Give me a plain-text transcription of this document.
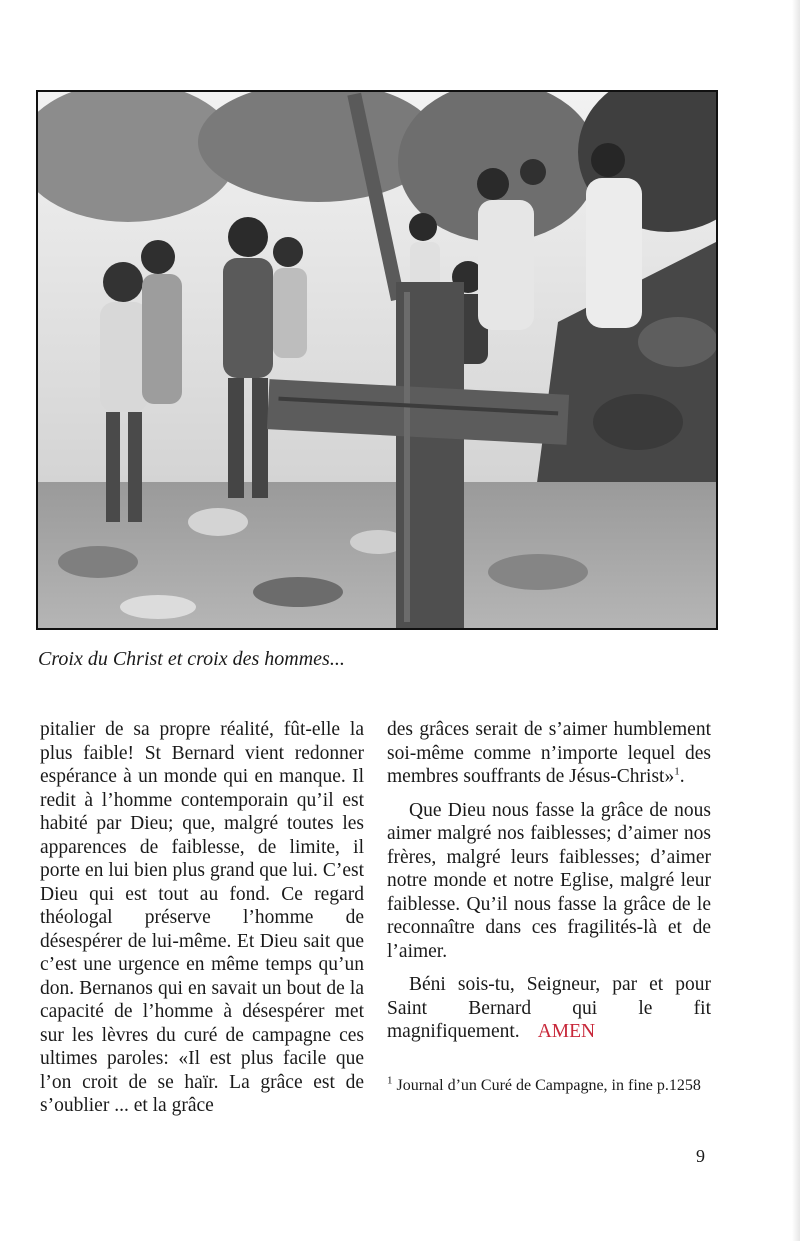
Croix du Christ et croix des hommes...

pitalier de sa propre réalité, fût-elle la plus faible! St Bernard vient redonner espérance à un monde qui en manque. Il redit à l’homme contemporain qu’il est habité par Dieu; que, malgré toutes les apparences de faiblesse, de limite, il porte en lui bien plus grand que lui. C’est Dieu qui est tout au fond. Ce regard théologal préserve l’homme de désespérer de lui-même. Et Dieu sait que c’est une urgence en même temps qu’un don. Bernanos qui en savait un bout de la capacité de l’homme à désespérer met sur les lèvres du curé de campagne ces ultimes paroles: «Il est plus facile que l’on croit de se haïr. La grâce est de s’oublier ... et la grâce

des grâces serait de s’aimer humblement soi-même comme n’importe lequel des membres souffrants de Jésus-Christ»$^1$.

Que Dieu nous fasse la grâce de nous aimer malgré nos faiblesses; d’aimer nos frères, malgré leurs faiblesses; d’aimer notre monde et notre Eglise, malgré leur faiblesse. Qu’il nous fasse la grâce de le reconnaître dans ces fragilités-là et de l’aimer.

Béni sois-tu, Seigneur, par et pour Saint Bernard qui le fit magnifiquement. AMEN

$^1$ Journal d’un Curé de Campagne, in fine p.1258
9
